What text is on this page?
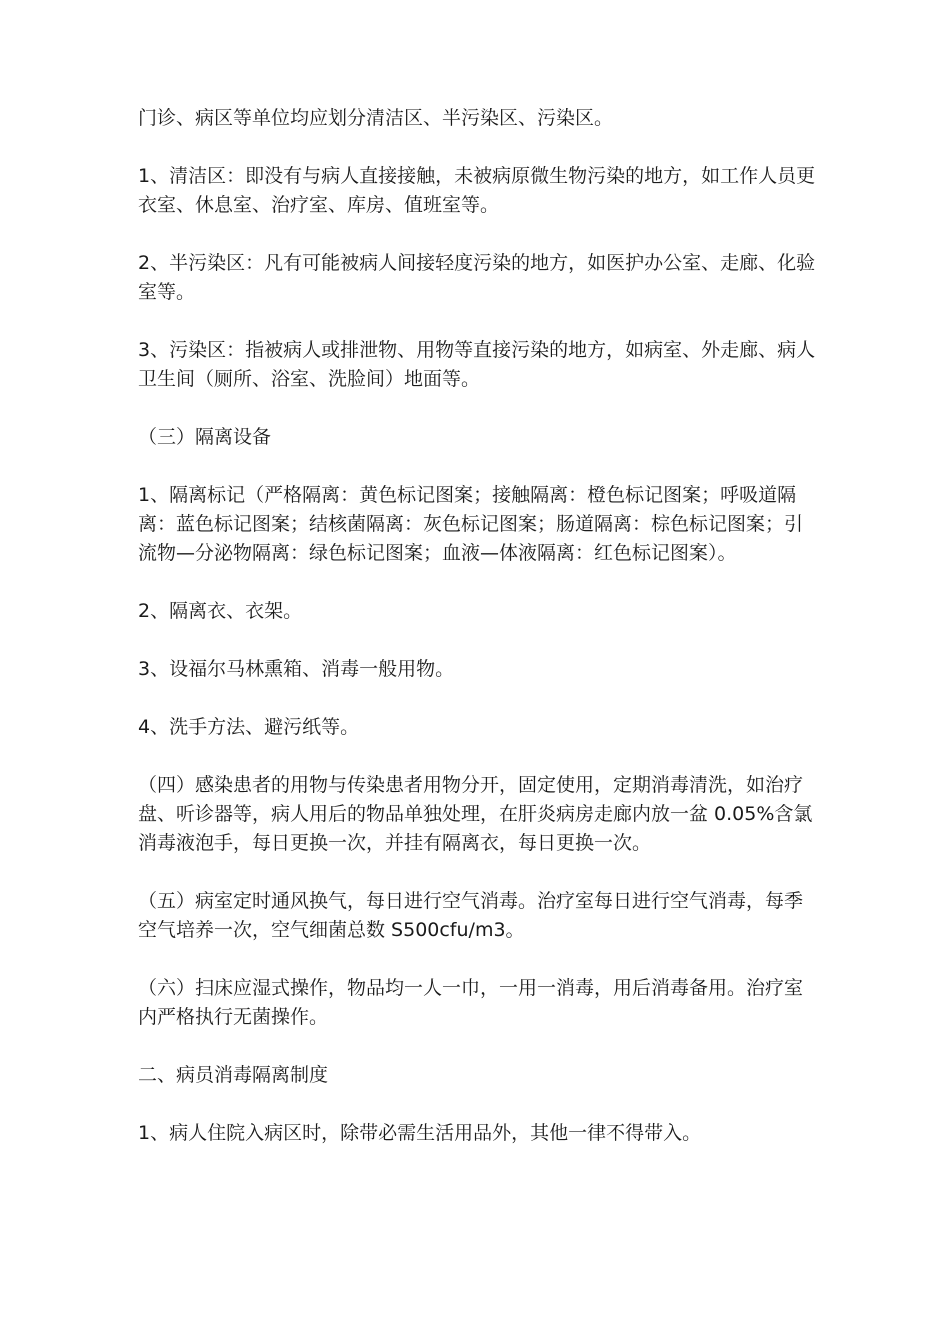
门诊、病区等单位均应划分清洁区、半污染区、污染区。

1、清洁区：即没有与病人直接接触，未被病原微生物污染的地方，如工作人员更衣室、休息室、治疗室、库房、值班室等。

2、半污染区：凡有可能被病人间接轻度污染的地方，如医护办公室、走廊、化验室等。

3、污染区：指被病人或排泄物、用物等直接污染的地方，如病室、外走廊、病人卫生间（厕所、浴室、洗脸间）地面等。

（三）隔离设备

1、隔离标记（严格隔离：黄色标记图案；接触隔离：橙色标记图案；呼吸道隔离：蓝色标记图案；结核菌隔离：灰色标记图案；肠道隔离：棕色标记图案；引流物—分泌物隔离：绿色标记图案；血液—体液隔离：红色标记图案）。

2、隔离衣、衣架。

3、设福尔马林熏箱、消毒一般用物。

4、洗手方法、避污纸等。

（四）感染患者的用物与传染患者用物分开，固定使用，定期消毒清洗，如治疗盘、听诊器等，病人用后的物品单独处理，在肝炎病房走廊内放一盆 0.05%含氯消毒液泡手，每日更换一次，并挂有隔离衣，每日更换一次。

（五）病室定时通风换气，每日进行空气消毒。治疗室每日进行空气消毒，每季空气培养一次，空气细菌总数 S500cfu/m3。

（六）扫床应湿式操作，物品均一人一巾，一用一消毒，用后消毒备用。治疗室内严格执行无菌操作。

二、病员消毒隔离制度

1、病人住院入病区时，除带必需生活用品外，其他一律不得带入。
